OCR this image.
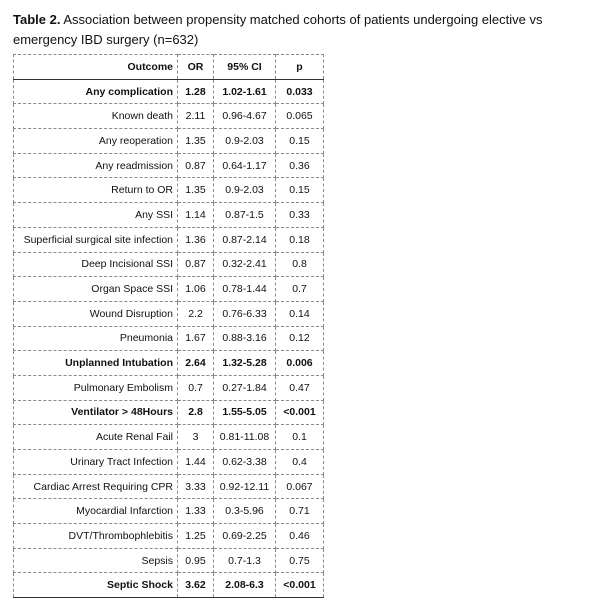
Table 2. Association between propensity matched cohorts of patients undergoing elective vs emergency IBD surgery (n=632)
Outcome	OR	95% CI	p
Any complication	1.28	1.02-1.61	0.033
Known death	2.11	0.96-4.67	0.065
Any reoperation	1.35	0.9-2.03	0.15
Any readmission	0.87	0.64-1.17	0.36
Return to OR	1.35	0.9-2.03	0.15
Any SSI	1.14	0.87-1.5	0.33
Superficial surgical site infection	1.36	0.87-2.14	0.18
Deep Incisional SSI	0.87	0.32-2.41	0.8
Organ Space SSI	1.06	0.78-1.44	0.7
Wound Disruption	2.2	0.76-6.33	0.14
Pneumonia	1.67	0.88-3.16	0.12
Unplanned Intubation	2.64	1.32-5.28	0.006
Pulmonary Embolism	0.7	0.27-1.84	0.47
Ventilator > 48Hours	2.8	1.55-5.05	<0.001
Acute Renal Fail	3	0.81-11.08	0.1
Urinary Tract Infection	1.44	0.62-3.38	0.4
Cardiac Arrest Requiring CPR	3.33	0.92-12.11	0.067
Myocardial Infarction	1.33	0.3-5.96	0.71
DVT/Thrombophlebitis	1.25	0.69-2.25	0.46
Sepsis	0.95	0.7-1.3	0.75
Septic Shock	3.62	2.08-6.3	<0.001
